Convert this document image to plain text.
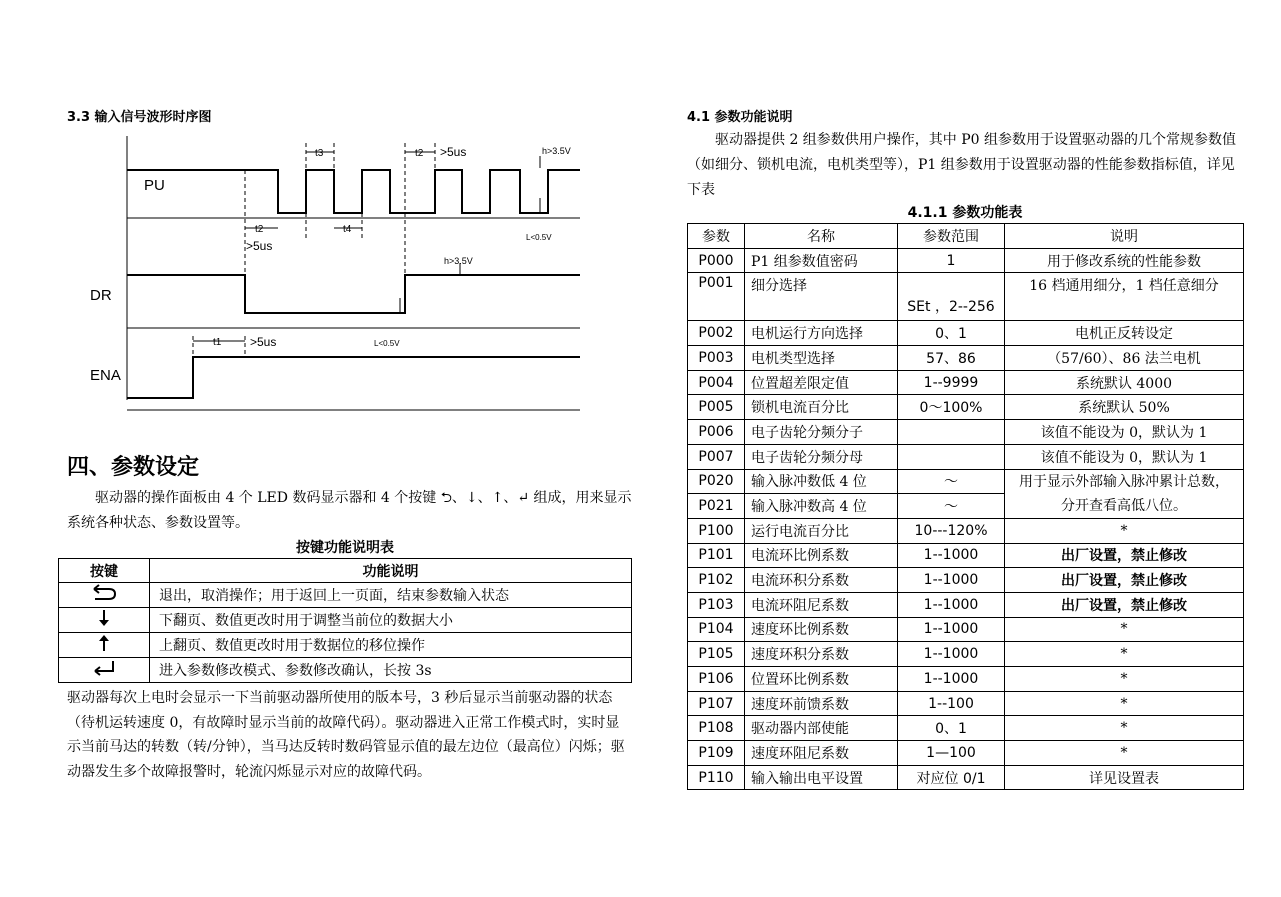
3.3 输入信号波形时序图
PU
DR
ENA
t3	t2 >5us	h>3.5V
t2
>5us
t4
L<0.5V
h>3.5V
L<0.5V
t1 >5us
四、参数设定
驱动器的操作面板由 4 个 LED 数码显示器和 4 个按键 ⮌、↓、↑、↵ 组成，用来显示系统各种状态、参数设置等。
按键功能说明表
按键	功能说明
	退出，取消操作；用于返回上一页面，结束参数输入状态
	下翻页、数值更改时用于调整当前位的数据大小
	上翻页、数值更改时用于数据位的移位操作
	进入参数修改模式、参数修改确认，长按 3s
驱动器每次上电时会显示一下当前驱动器所使用的版本号，3 秒后显示当前驱动器的状态（待机运转速度 0，有故障时显示当前的故障代码）。驱动器进入正常工作模式时，实时显示当前马达的转数（转/分钟），当马达反转时数码管显示值的最左边位（最高位）闪烁；驱动器发生多个故障报警时，轮流闪烁显示对应的故障代码。
4.1 参数功能说明
驱动器提供 2 组参数供用户操作，其中 P0 组参数用于设置驱动器的几个常规参数值（如细分、锁机电流，电机类型等），P1 组参数用于设置驱动器的性能参数指标值，详见下表
4.1.1 参数功能表
参数	名称	参数范围	说明
P000	P1 组参数值密码	1	用于修改系统的性能参数
P001	细分选择	SEt ，2--256	16 档通用细分，1 档任意细分
P002	电机运行方向选择	0、1	电机正反转设定
P003	电机类型选择	57、86	（57/60）、86 法兰电机
P004	位置超差限定值	1--9999	系统默认 4000
P005	锁机电流百分比	0～100%	系统默认 50%
P006	电子齿轮分频分子		该值不能设为 0，默认为 1
P007	电子齿轮分频分母		该值不能设为 0，默认为 1
P020	输入脉冲数低 4 位	～	用于显示外部输入脉冲累计总数，分开查看高低八位。
P021	输入脉冲数高 4 位	～	
P100	运行电流百分比	10---120%	*
P101	电流环比例系数	1--1000	出厂设置，禁止修改
P102	电流环积分系数	1--1000	出厂设置，禁止修改
P103	电流环阻尼系数	1--1000	出厂设置，禁止修改
P104	速度环比例系数	1--1000	*
P105	速度环积分系数	1--1000	*
P106	位置环比例系数	1--1000	*
P107	速度环前馈系数	1--100	*
P108	驱动器内部使能	0、1	*
P109	速度环阻尼系数	1—100	*
P110	输入输出电平设置	对应位 0/1	详见设置表
